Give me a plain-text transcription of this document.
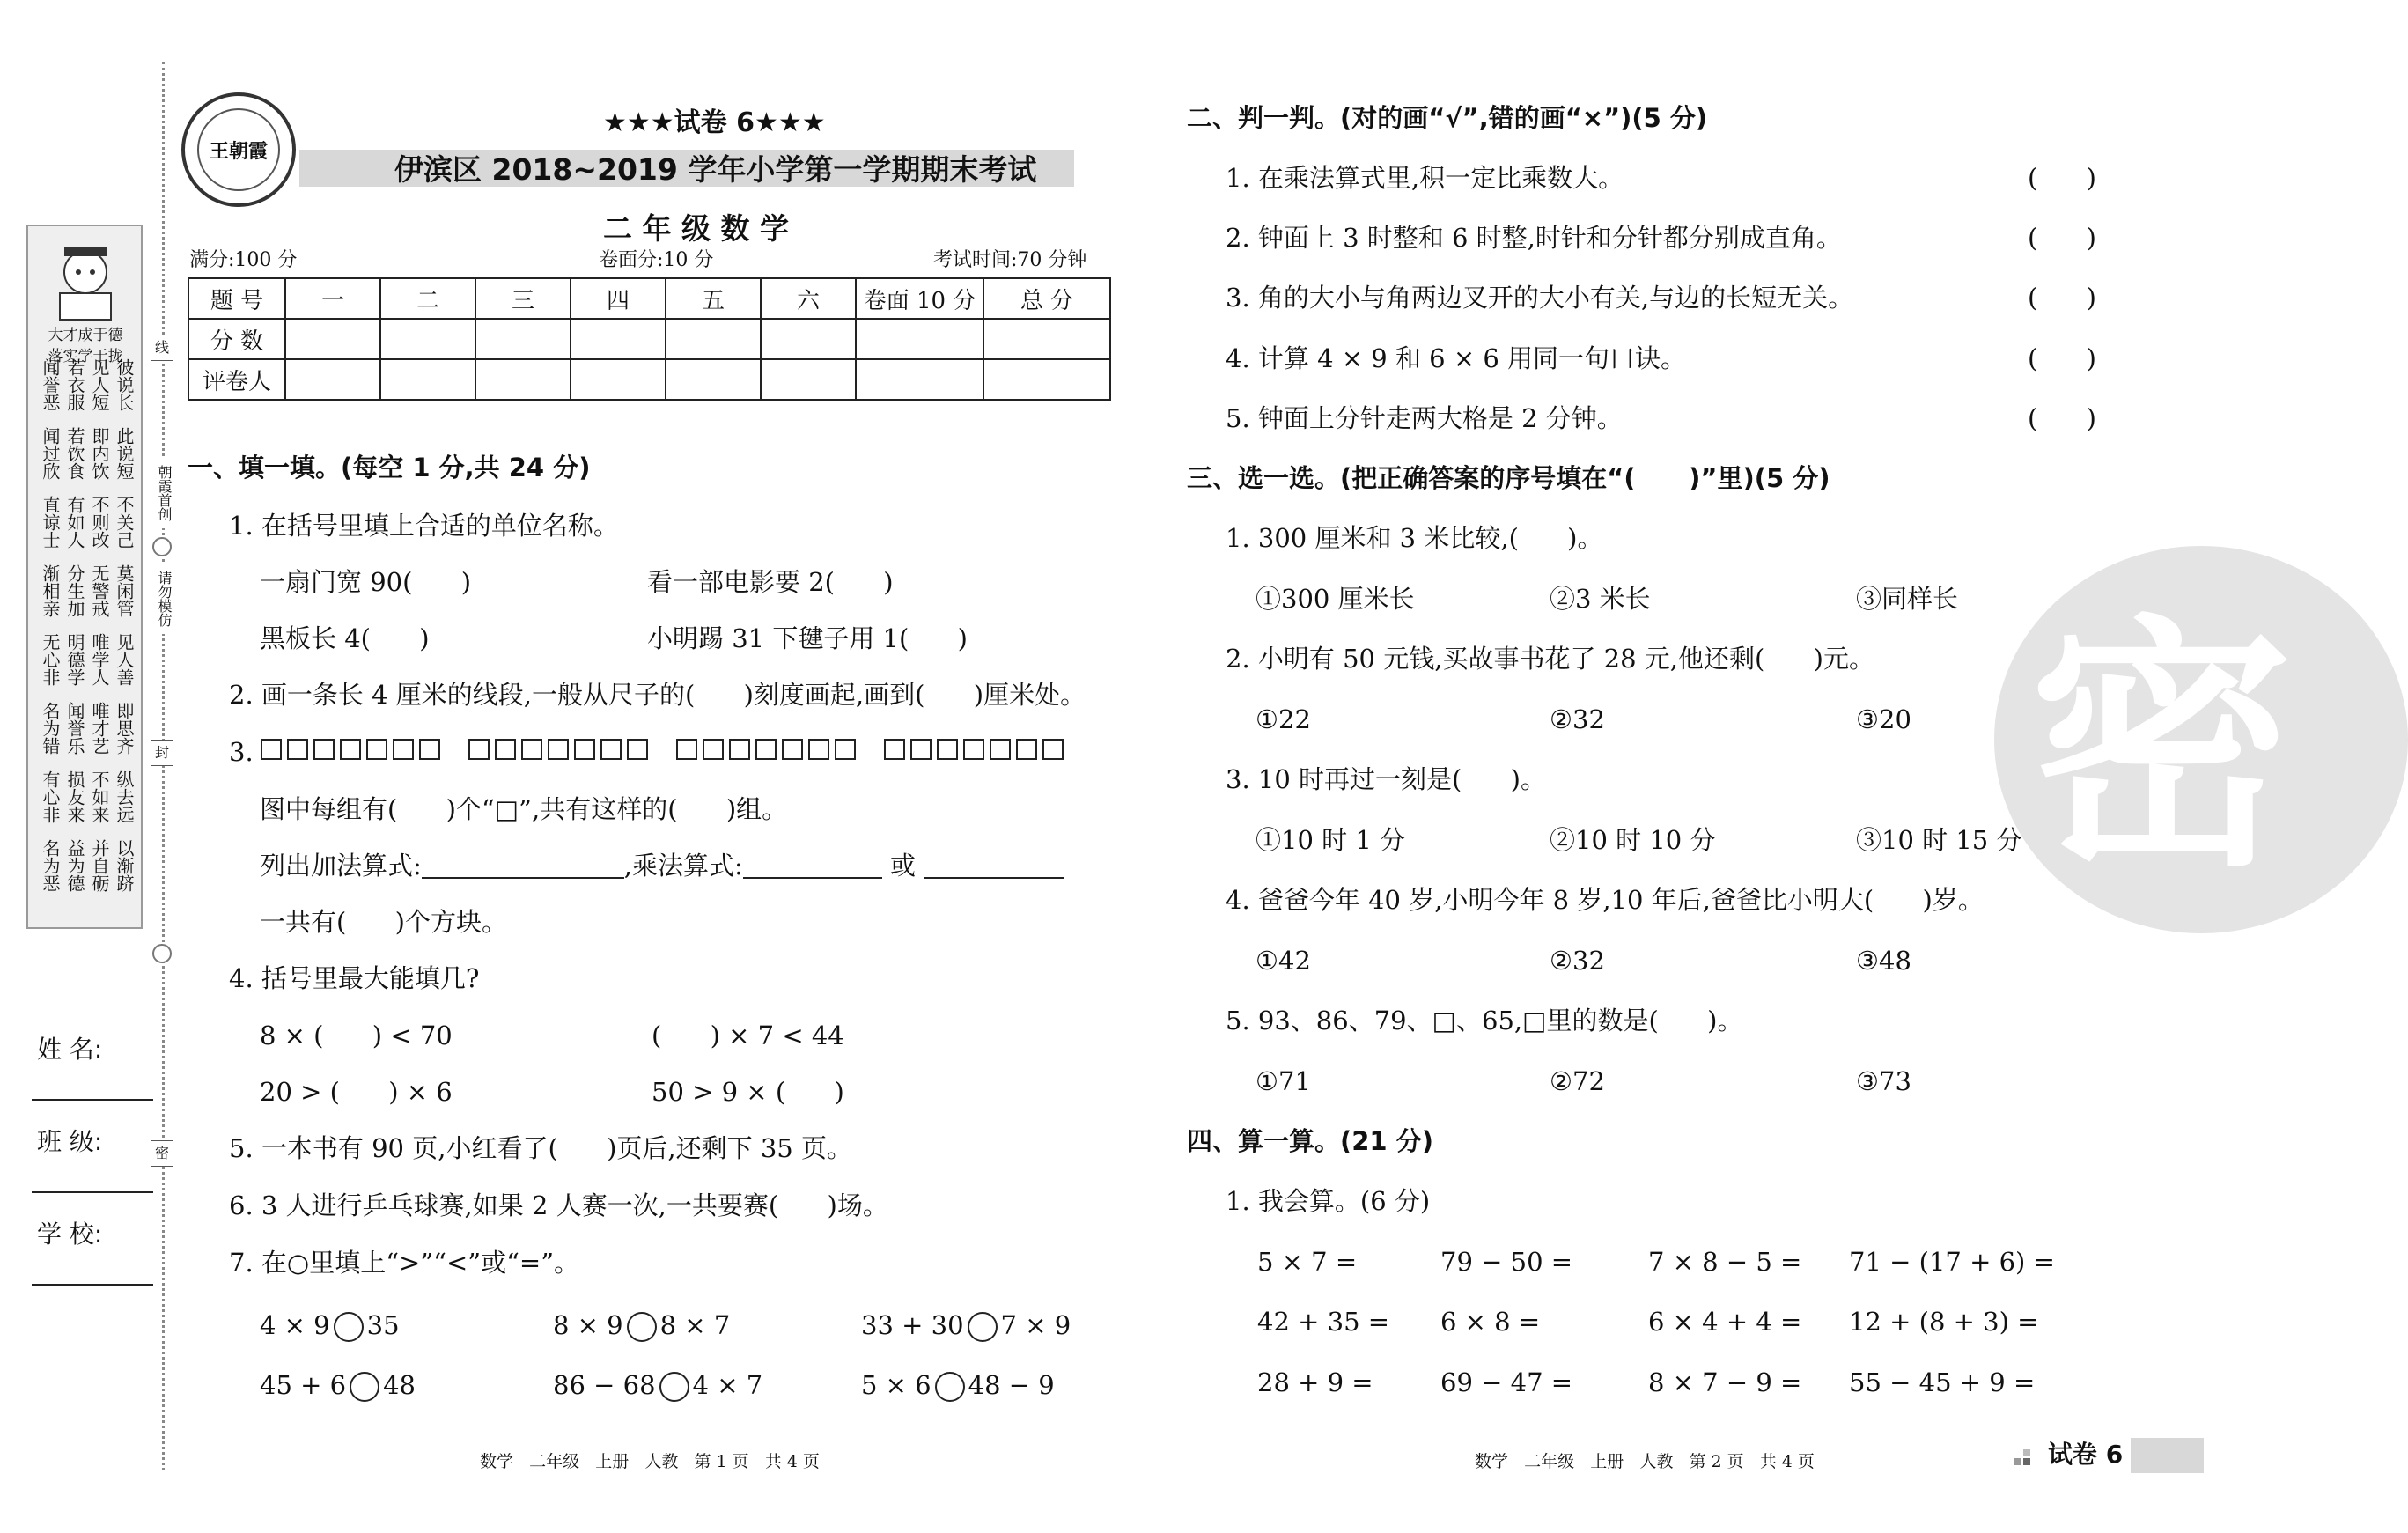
大才成于德
落实学于拢
闻誉恶 若衣服 见人短 彼说长
闻过欣 若饮食 即内饮 此说短
直谅士 有如人 不则改 不关己
渐相亲 分生加 无警戒 莫闲管
无心非 明德学 唯学人 见人善
名为错 闻誉乐 唯才艺 即思齐
有心非 损友来 不如来 纵去远
名为恶 益为德 并自砺 以渐跻
线
朝霞首创
请勿模仿
封
密
姓 名:
班 级:
学 校:
王朝霞
★★★试卷 6★★★
伊滨区 2018~2019 学年小学第一学期期末考试
二 年 级 数 学
满分:100 分	卷面分:10 分	考试时间:70 分钟
题 号	一	二	三	四	五	六	卷面 10 分	总 分
分 数								
评卷人								
一、填一填。(每空 1 分,共 24 分)
1. 在括号里填上合适的单位名称。
一扇门宽 90(      )	看一部电影要 2(      )
黑板长 4(      )	小明踢 31 下毽子用 1(      )
2. 画一条长 4 厘米的线段,一般从尺子的(      )刻度画起,画到(      )厘米处。
3.
图中每组有(      )个“□”,共有这样的(      )组。
列出加法算式:	,乘法算式:	或
一共有(      )个方块。
4. 括号里最大能填几?
8 × (      ) < 70	(      ) × 7 < 44
20 > (      ) × 6	50 > 9 × (      )
5. 一本书有 90 页,小红看了(      )页后,还剩下 35 页。
6. 3 人进行乒乓球赛,如果 2 人赛一次,一共要赛(      )场。
7. 在○里填上“>”“<”或“=”。
4 × 9 35	8 × 9 8 × 7	33 + 30 7 × 9
45 + 6 48	86 − 68 4 × 7	5 × 6 48 − 9
数学   二年级   上册   人教   第 1 页   共 4 页
密
二、判一判。(对的画“√”,错的画“×”)(5 分)
1. 在乘法算式里,积一定比乘数大。	(      )
2. 钟面上 3 时整和 6 时整,时针和分针都分别成直角。	(      )
3. 角的大小与角两边叉开的大小有关,与边的长短无关。	(      )
4. 计算 4 × 9 和 6 × 6 用同一句口诀。	(      )
5. 钟面上分针走两大格是 2 分钟。	(      )
三、选一选。(把正确答案的序号填在“(      )”里)(5 分)
1. 300 厘米和 3 米比较,(      )。
①300 厘米长	②3 米长	③同样长
2. 小明有 50 元钱,买故事书花了 28 元,他还剩(      )元。
①22	②32	③20
3. 10 时再过一刻是(      )。
①10 时 1 分	②10 时 10 分	③10 时 15 分
4. 爸爸今年 40 岁,小明今年 8 岁,10 年后,爸爸比小明大(      )岁。
①42	②32	③48
5. 93、86、79、□、65,□里的数是(      )。
①71	②72	③73
四、算一算。(21 分)
1. 我会算。(6 分)
5 × 7 =	79 − 50 =	7 × 8 − 5 = 71 − (17 + 6) =
42 + 35 = 6 × 8 =	6 × 4 + 4 = 12 + (8 + 3) =
28 + 9 =	69 − 47 =	8 × 7 − 9 = 55 − 45 + 9 =
数学   二年级   上册   人教   第 2 页   共 4 页	试卷 6
